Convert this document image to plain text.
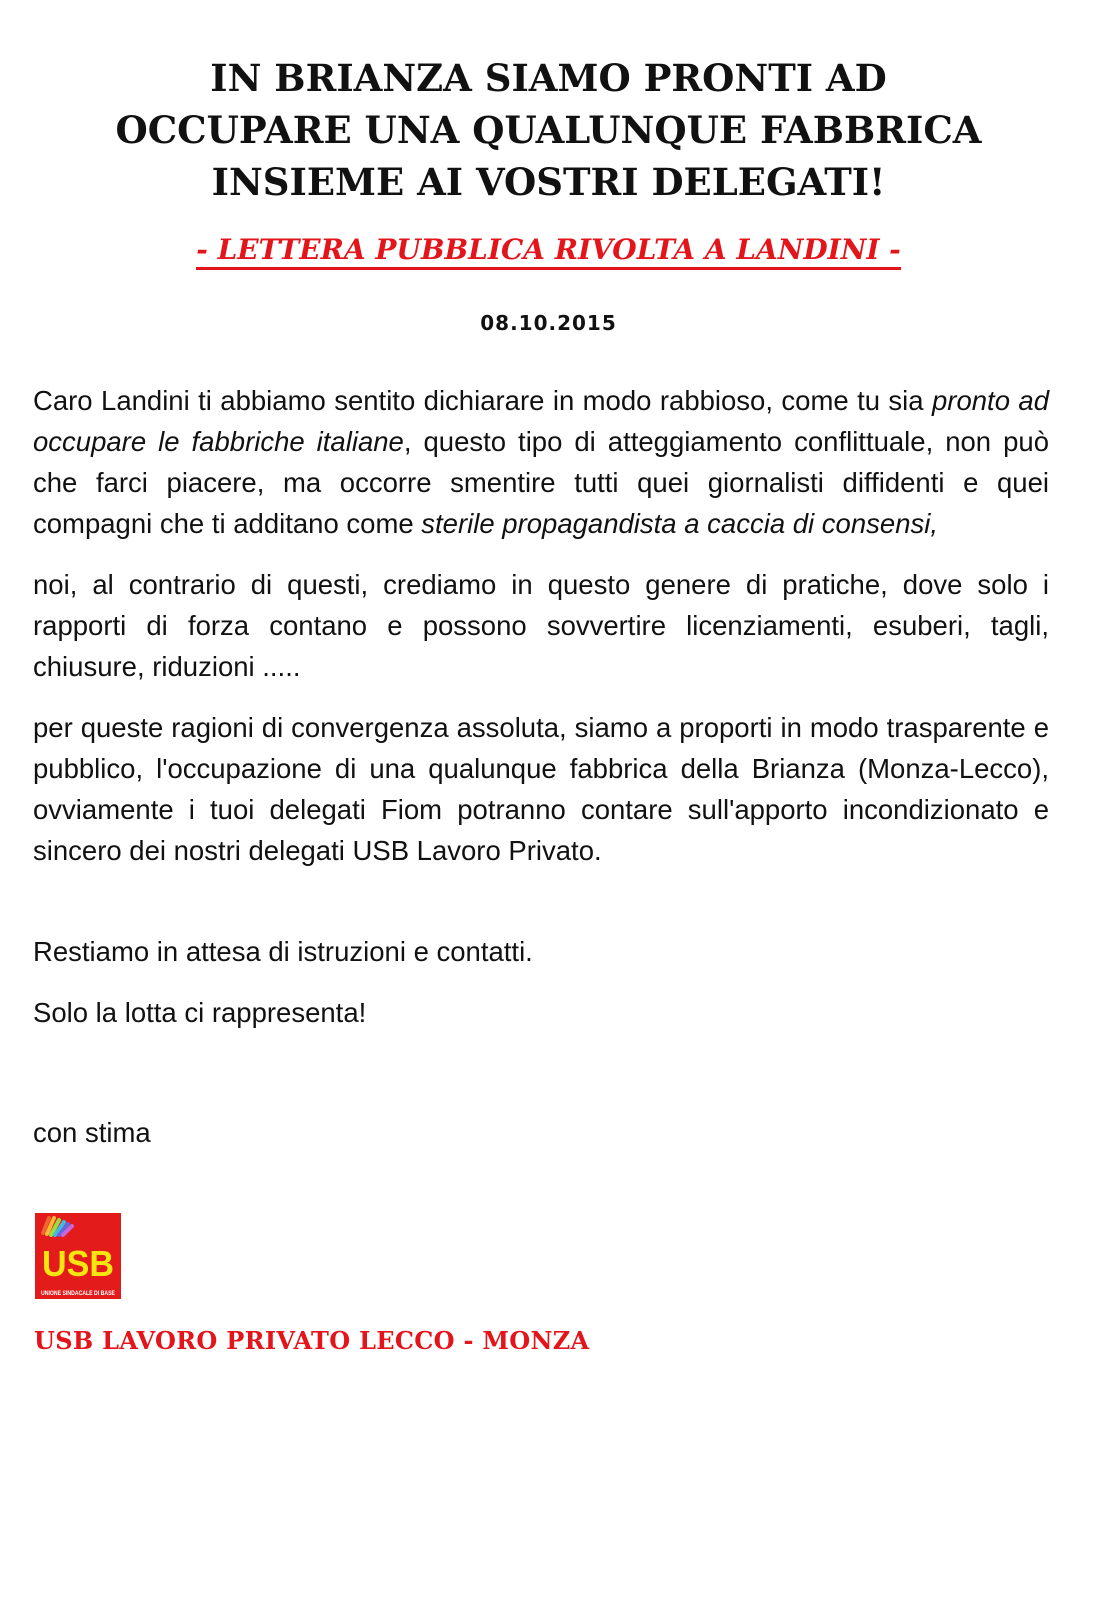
IN BRIANZA SIAMO PRONTI AD
OCCUPARE UNA QUALUNQUE FABBRICA
INSIEME AI VOSTRI DELEGATI!
- LETTERA PUBBLICA RIVOLTA A LANDINI -
08.10.2015

Caro Landini ti abbiamo sentito dichiarare in modo rabbioso, come tu sia pronto ad occupare le fabbriche italiane, questo tipo di atteggiamento conflittuale, non può che farci piacere, ma occorre smentire tutti quei giornalisti diffidenti e quei compagni che ti additano come sterile propagandista a caccia di consensi,

noi, al contrario di questi, crediamo in questo genere di pratiche, dove solo i rapporti di forza contano e possono sovvertire licenziamenti, esuberi, tagli, chiusure, riduzioni .....

per queste ragioni di convergenza assoluta, siamo a proporti in modo trasparente e pubblico, l'occupazione di una qualunque fabbrica della Brianza (Monza-Lecco), ovviamente i tuoi delegati Fiom potranno contare sull'apporto incondizionato e sincero dei nostri delegati USB Lavoro Privato.

Restiamo in attesa di istruzioni e contatti.
Solo la lotta ci rappresenta!
con stima
USB
UNIONE SINDACALE DI BASE
USB LAVORO PRIVATO LECCO - MONZA
